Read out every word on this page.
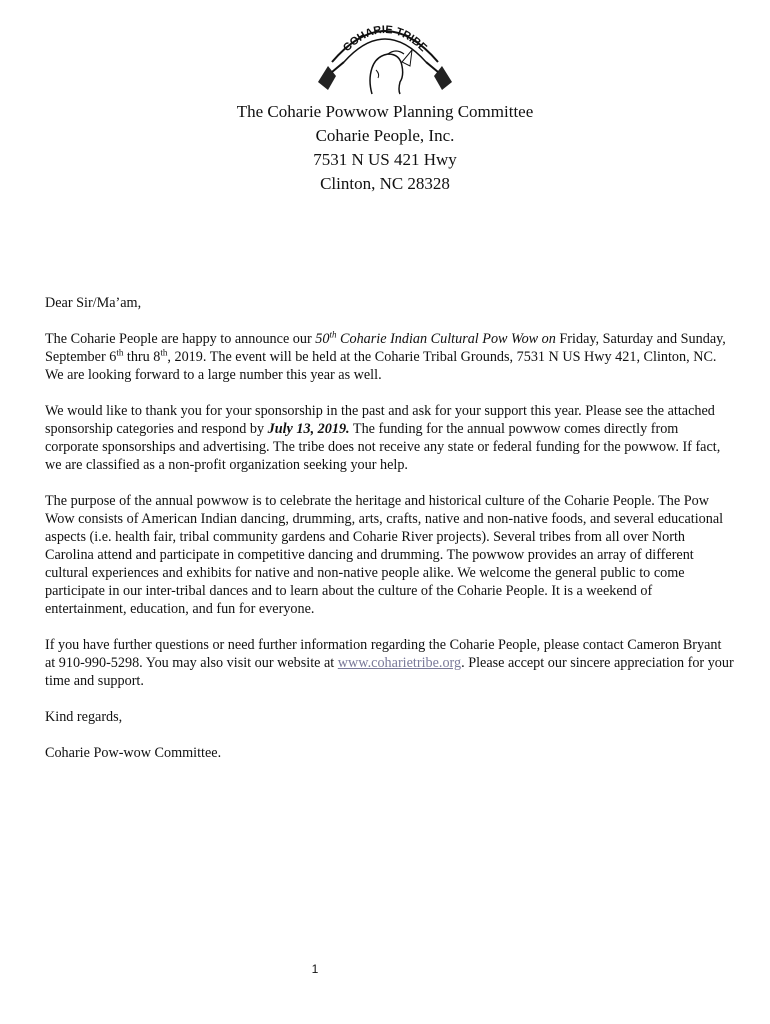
COHARIE TRIBE
The Coharie Powwow Planning Committee
Coharie People, Inc.
7531 N US 421 Hwy
Clinton, NC 28328

Dear Sir/Ma’am,

The Coharie People are happy to announce our 50th Coharie Indian Cultural Pow Wow on Friday, Saturday and Sunday, September 6th thru 8th, 2019. The event will be held at the Coharie Tribal Grounds, 7531 N US Hwy 421, Clinton, NC. We are looking forward to a large number this year as well.

We would like to thank you for your sponsorship in the past and ask for your support this year. Please see the attached sponsorship categories and respond by July 13, 2019. The funding for the annual powwow comes directly from corporate sponsorships and advertising. The tribe does not receive any state or federal funding for the powwow. If fact, we are classified as a non-profit organization seeking your help.

The purpose of the annual powwow is to celebrate the heritage and historical culture of the Coharie People. The Pow Wow consists of American Indian dancing, drumming, arts, crafts, native and non-native foods, and several educational aspects (i.e. health fair, tribal community gardens and Coharie River projects). Several tribes from all over North Carolina attend and participate in competitive dancing and drumming. The powwow provides an array of different cultural experiences and exhibits for native and non-native people alike. We welcome the general public to come participate in our inter-tribal dances and to learn about the culture of the Coharie People. It is a weekend of entertainment, education, and fun for everyone.

If you have further questions or need further information regarding the Coharie People, please contact Cameron Bryant at 910-990-5298. You may also visit our website at www.coharietribe.org. Please accept our sincere appreciation for your time and support.

Kind regards,

Coharie Pow-wow Committee.

1
